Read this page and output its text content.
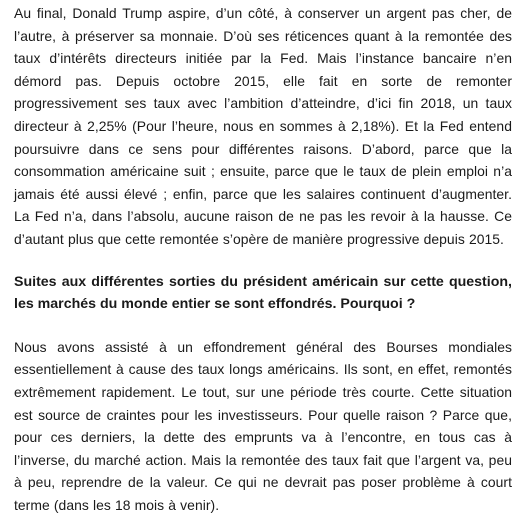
Au final, Donald Trump aspire, d’un côté, à conserver un argent pas cher, de l’autre, à préserver sa monnaie. D’où ses réticences quant à la remontée des taux d’intérêts directeurs initiée par la Fed. Mais l’instance bancaire n’en démord pas. Depuis octobre 2015, elle fait en sorte de remonter progressivement ses taux avec l’ambition d’atteindre, d’ici fin 2018, un taux directeur à 2,25% (Pour l’heure, nous en sommes à 2,18%). Et la Fed entend poursuivre dans ce sens pour différentes raisons. D’abord, parce que la consommation américaine suit ; ensuite, parce que le taux de plein emploi n’a jamais été aussi élevé ; enfin, parce que les salaires continuent d’augmenter. La Fed n’a, dans l’absolu, aucune raison de ne pas les revoir à la hausse. Ce d’autant plus que cette remontée s’opère de manière progressive depuis 2015.

Suites aux différentes sorties du président américain sur cette question, les marchés du monde entier se sont effondrés. Pourquoi ?

Nous avons assisté à un effondrement général des Bourses mondiales essentiellement à cause des taux longs américains. Ils sont, en effet, remontés extrêmement rapidement. Le tout, sur une période très courte. Cette situation est source de craintes pour les investisseurs. Pour quelle raison ? Parce que, pour ces derniers, la dette des emprunts va à l’encontre, en tous cas à l’inverse, du marché action. Mais la remontée des taux fait que l’argent va, peu à peu, reprendre de la valeur. Ce qui ne devrait pas poser problème à court terme (dans les 18 mois à venir).
